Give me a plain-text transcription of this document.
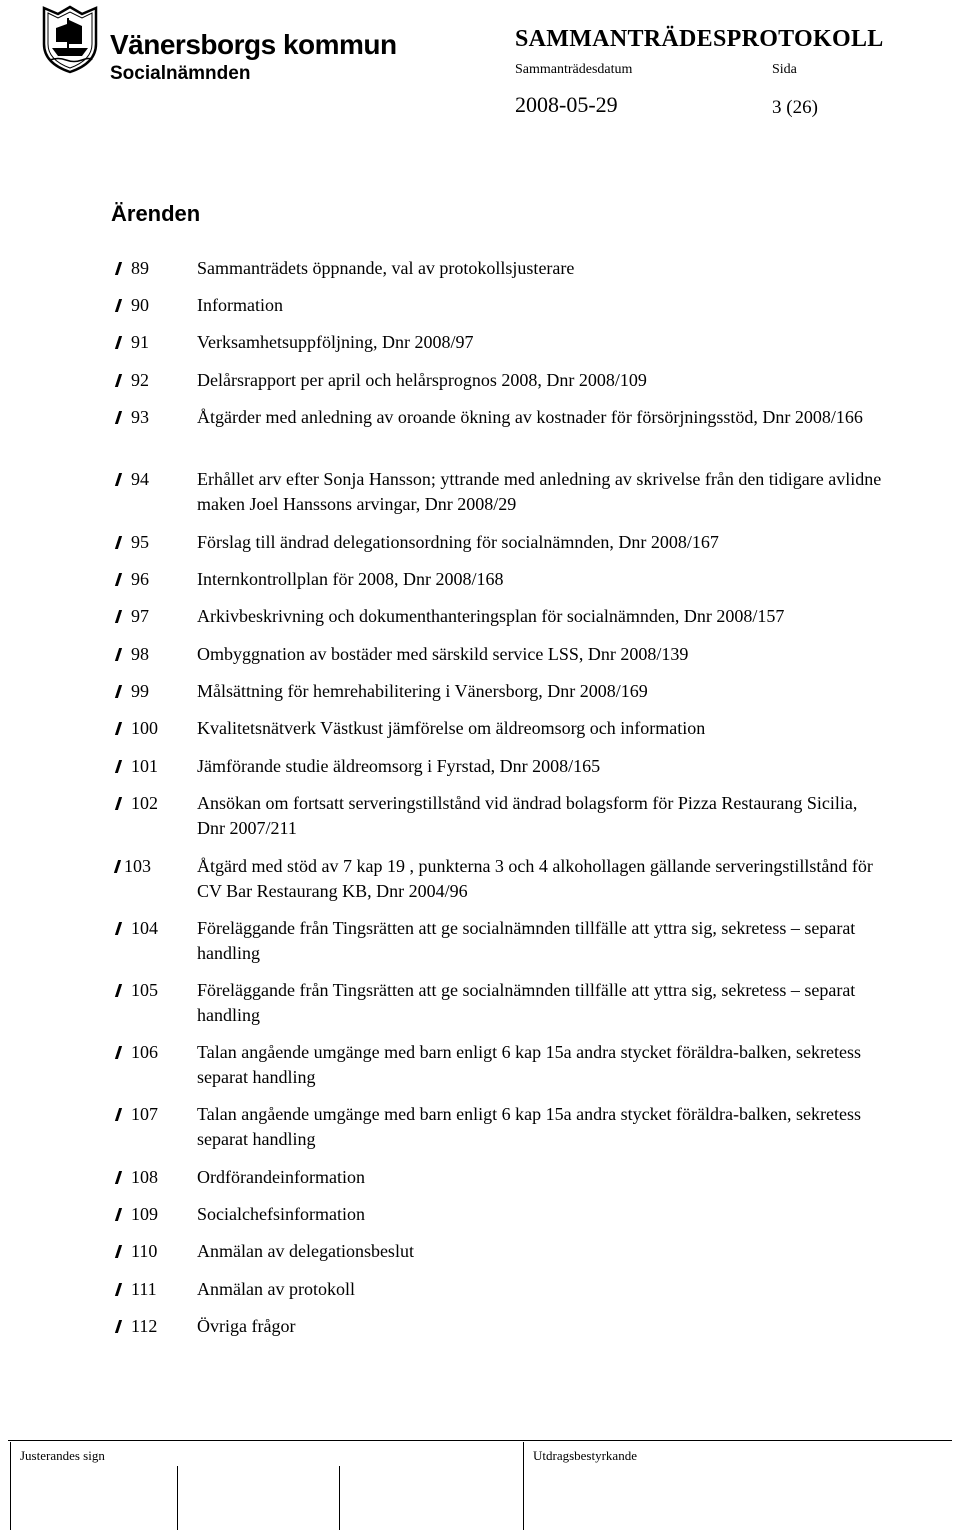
Vänersborgs kommun
Socialnämnden
SAMMANTRÄDESPROTOKOLL
Sammanträdesdatum	Sida
2008-05-29	3 (26)
Ärenden
89	Sammanträdets öppnande, val av protokollsjusterare
90	Information
91	Verksamhetsuppföljning, Dnr 2008/97
92	Delårsrapport per april och helårsprognos 2008, Dnr 2008/109
93	Åtgärder med anledning av oroande ökning av kostnader för försörjningsstöd, Dnr 2008/166
94	Erhållet arv efter Sonja Hansson; yttrande med anledning av skrivelse från den tidigare avlidne maken Joel Hanssons arvingar, Dnr 2008/29
95	Förslag till ändrad delegationsordning för socialnämnden, Dnr 2008/167
96	Internkontrollplan för 2008, Dnr 2008/168
97	Arkivbeskrivning och dokumenthanteringsplan för socialnämnden, Dnr 2008/157
98	Ombyggnation av bostäder med särskild service LSS, Dnr 2008/139
99	Målsättning för hemrehabilitering i Vänersborg, Dnr 2008/169
100 Kvalitetsnätverk Västkust jämförelse om äldreomsorg och information
101 Jämförande studie äldreomsorg i Fyrstad, Dnr 2008/165
102 Ansökan om fortsatt serveringstillstånd vid ändrad bolagsform för Pizza Restaurang Sicilia, Dnr 2007/211
103	Åtgärd med stöd av 7 kap 19 , punkterna 3 och 4 alkohollagen gällande serveringstillstånd för CV Bar Restaurang KB, Dnr 2004/96
104 Föreläggande från Tingsrätten att ge socialnämnden tillfälle att yttra sig, sekretess – separat handling
105 Föreläggande från Tingsrätten att ge socialnämnden tillfälle att yttra sig, sekretess – separat handling
106 Talan angående umgänge med barn enligt 6 kap 15a andra stycket föräldra-balken, sekretess separat handling
107 Talan angående umgänge med barn enligt 6 kap 15a andra stycket föräldra-balken, sekretess separat handling
108 Ordförandeinformation
109 Socialchefsinformation
110 Anmälan av delegationsbeslut
111 Anmälan av protokoll
112 Övriga frågor
Justerandes sign	Utdragsbestyrkande
